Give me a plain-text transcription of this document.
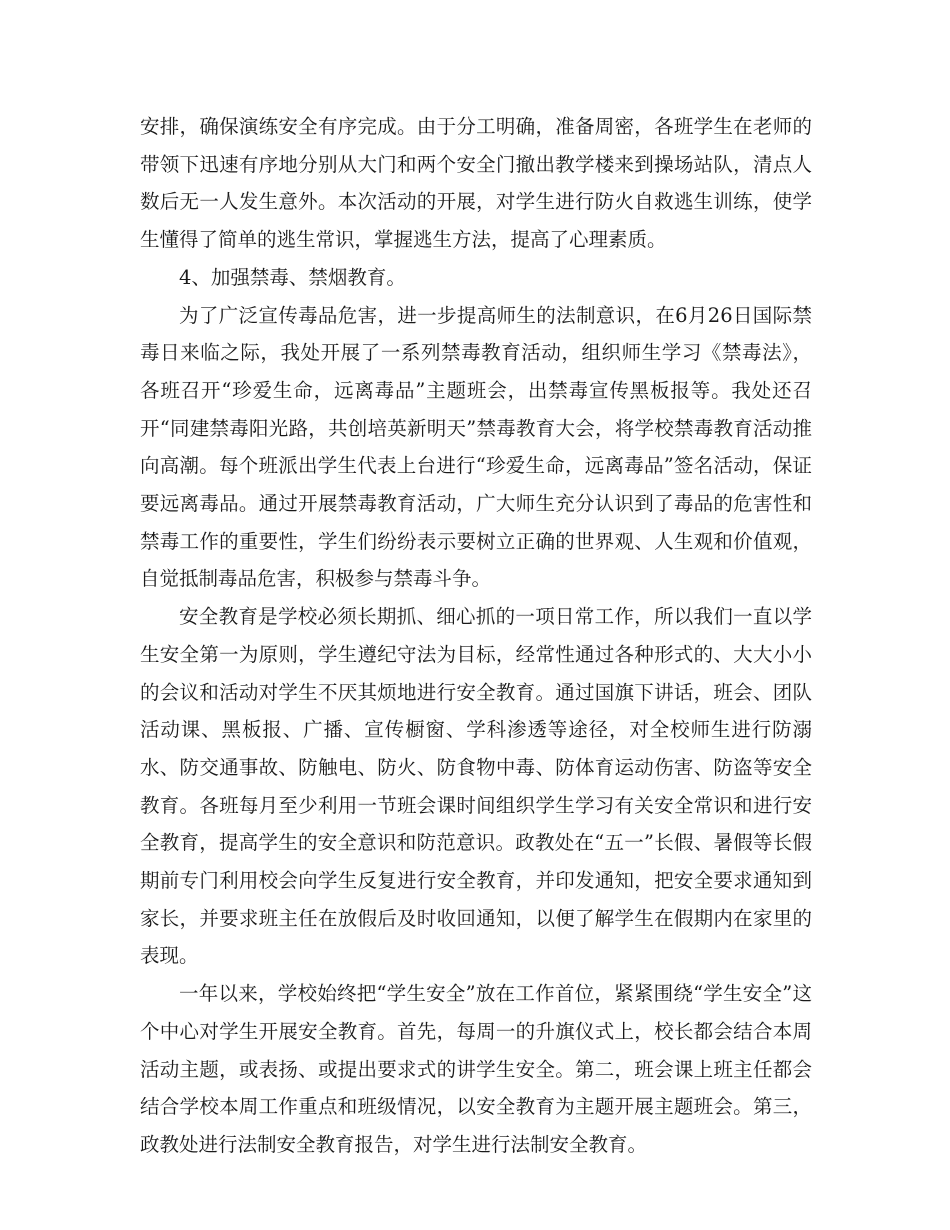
安排，确保演练安全有序完成。由于分工明确，准备周密，各班学生在老师的带领下迅速有序地分别从大门和两个安全门撤出教学楼来到操场站队，清点人数后无一人发生意外。本次活动的开展，对学生进行防火自救逃生训练，使学生懂得了简单的逃生常识，掌握逃生方法，提高了心理素质。

4、加强禁毒、禁烟教育。

为了广泛宣传毒品危害，进一步提高师生的法制意识，在6月26日国际禁毒日来临之际，我处开展了一系列禁毒教育活动，组织师生学习《禁毒法》，各班召开“珍爱生命，远离毒品”主题班会，出禁毒宣传黑板报等。我处还召开“同建禁毒阳光路，共创培英新明天”禁毒教育大会，将学校禁毒教育活动推向高潮。每个班派出学生代表上台进行“珍爱生命，远离毒品”签名活动，保证要远离毒品。通过开展禁毒教育活动，广大师生充分认识到了毒品的危害性和禁毒工作的重要性，学生们纷纷表示要树立正确的世界观、人生观和价值观，自觉抵制毒品危害，积极参与禁毒斗争。

安全教育是学校必须长期抓、细心抓的一项日常工作，所以我们一直以学生安全第一为原则，学生遵纪守法为目标，经常性通过各种形式的、大大小小的会议和活动对学生不厌其烦地进行安全教育。通过国旗下讲话，班会、团队活动课、黑板报、广播、宣传橱窗、学科渗透等途径，对全校师生进行防溺水、防交通事故、防触电、防火、防食物中毒、防体育运动伤害、防盗等安全教育。各班每月至少利用一节班会课时间组织学生学习有关安全常识和进行安全教育，提高学生的安全意识和防范意识。政教处在“五一”长假、暑假等长假期前专门利用校会向学生反复进行安全教育，并印发通知，把安全要求通知到家长，并要求班主任在放假后及时收回通知，以便了解学生在假期内在家里的表现。

一年以来，学校始终把“学生安全”放在工作首位，紧紧围绕“学生安全”这个中心对学生开展安全教育。首先，每周一的升旗仪式上，校长都会结合本周活动主题，或表扬、或提出要求式的讲学生安全。第二，班会课上班主任都会结合学校本周工作重点和班级情况，以安全教育为主题开展主题班会。第三，政教处进行法制安全教育报告，对学生进行法制安全教育。
